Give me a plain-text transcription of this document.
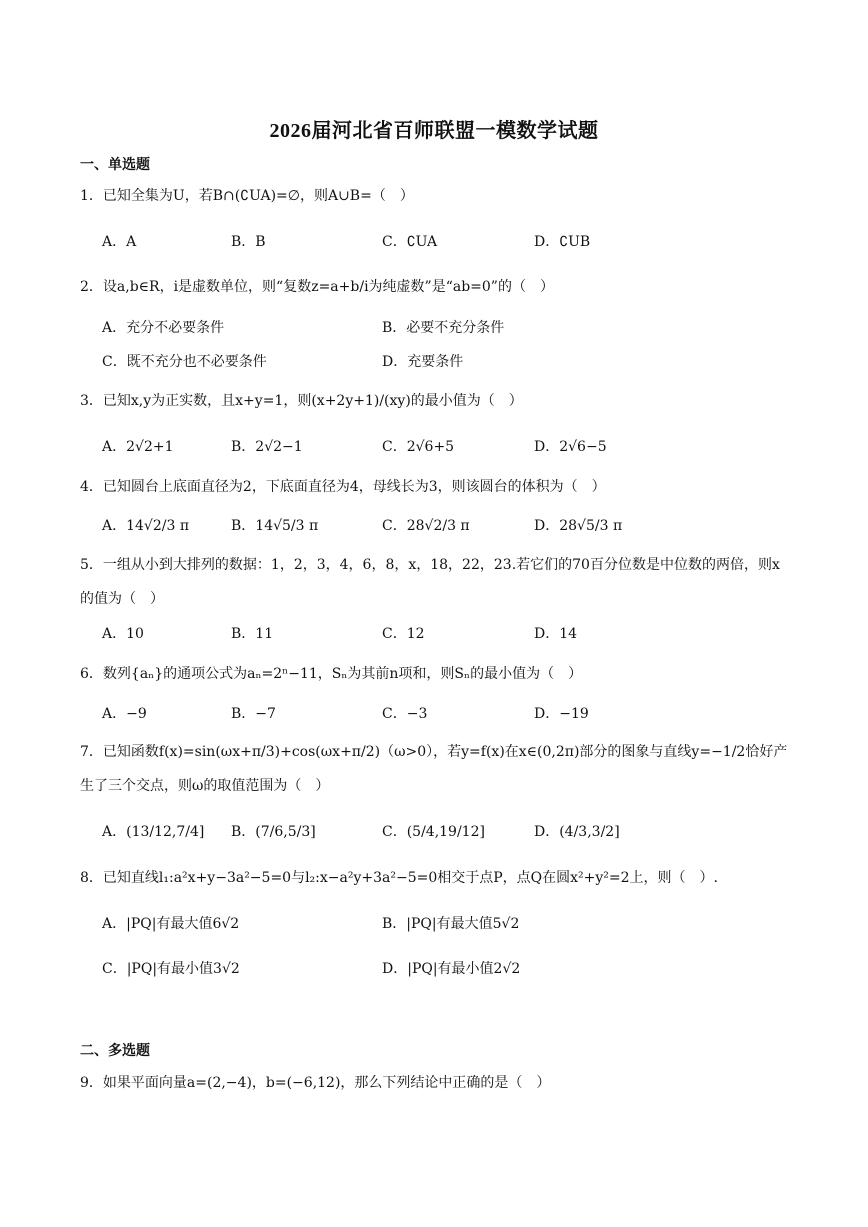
2026届河北省百师联盟一模数学试题
一、单选题
1．已知全集为U，若B∩(∁UA)=∅，则A∪B=（　）
A．A	B．B	C．∁UA	D．∁UB
2．设a,b∈R，i是虚数单位，则“复数z=a+b/i为纯虚数”是“ab=0”的（　）
A．充分不必要条件	B．必要不充分条件
C．既不充分也不必要条件	D．充要条件
3．已知x,y为正实数，且x+y=1，则(x+2y+1)/(xy)的最小值为（　）
A．2√2+1	B．2√2−1	C．2√6+5	D．2√6−5
4．已知圆台上底面直径为2，下底面直径为4，母线长为3，则该圆台的体积为（　）
A．14√2/3 π	B．14√5/3 π	C．28√2/3 π	D．28√5/3 π
5．一组从小到大排列的数据：1，2，3，4，6，8，x，18，22，23.若它们的70百分位数是中位数的两倍，则x的值为（　）
A．10	B．11	C．12	D．14
6．数列{aₙ}的通项公式为aₙ=2ⁿ−11，Sₙ为其前n项和，则Sₙ的最小值为（　）
A．−9	B．−7	C．−3	D．−19
7．已知函数f(x)=sin(ωx+π/3)+cos(ωx+π/2)（ω>0），若y=f(x)在x∈(0,2π)部分的图象与直线y=−1/2恰好产生了三个交点，则ω的取值范围为（　）
A．(13/12,7/4] B．(7/6,5/3]	C．(5/4,19/12]	D．(4/3,3/2]
8．已知直线l₁:a²x+y−3a²−5=0与l₂:x−a²y+3a²−5=0相交于点P，点Q在圆x²+y²=2上，则（　）.
A．|PQ|有最大值6√2	B．|PQ|有最大值5√2
C．|PQ|有最小值3√2	D．|PQ|有最小值2√2
二、多选题
9．如果平面向量a=(2,−4)，b=(−6,12)，那么下列结论中正确的是（　）
